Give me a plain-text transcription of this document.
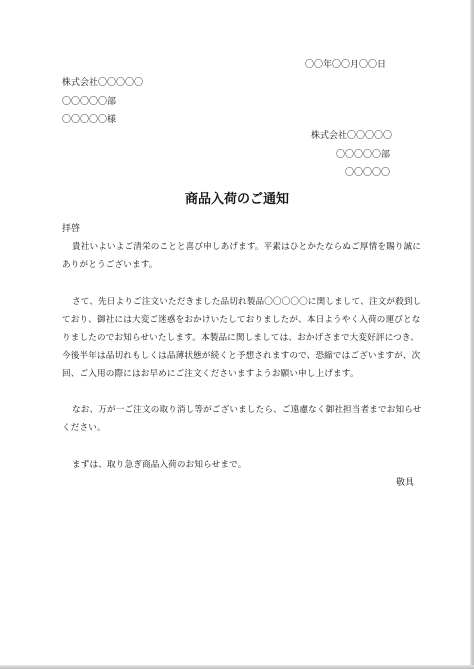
〇〇年〇〇月〇〇日

株式会社〇〇〇〇〇

〇〇〇〇〇部

〇〇〇〇〇様

株式会社〇〇〇〇〇

〇〇〇〇〇部

〇〇〇〇〇

商品入荷のご通知

拝啓

貴社いよいよご清栄のことと喜び申しあげます。平素はひとかたならぬご厚情を賜り誠に

ありがとうございます。

さて、先日よりご注文いただきました品切れ製品〇〇〇〇〇に関しまして、注文が殺到し

ており、御社には大変ご迷惑をおかけいたしておりましたが、本日ようやく入荷の運びとな

りましたのでお知らせいたします。本製品に関しましては、おかげさまで大変好評につき、

今後半年は品切れもしくは品薄状態が続くと予想されますので、恐縮ではございますが、次

回、ご入用の際にはお早めにご注文くださいますようお願い申し上げます。

なお、万が一ご注文の取り消し等がございましたら、ご遠慮なく御社担当者までお知らせ

ください。

まずは、取り急ぎ商品入荷のお知らせまで。

敬具
